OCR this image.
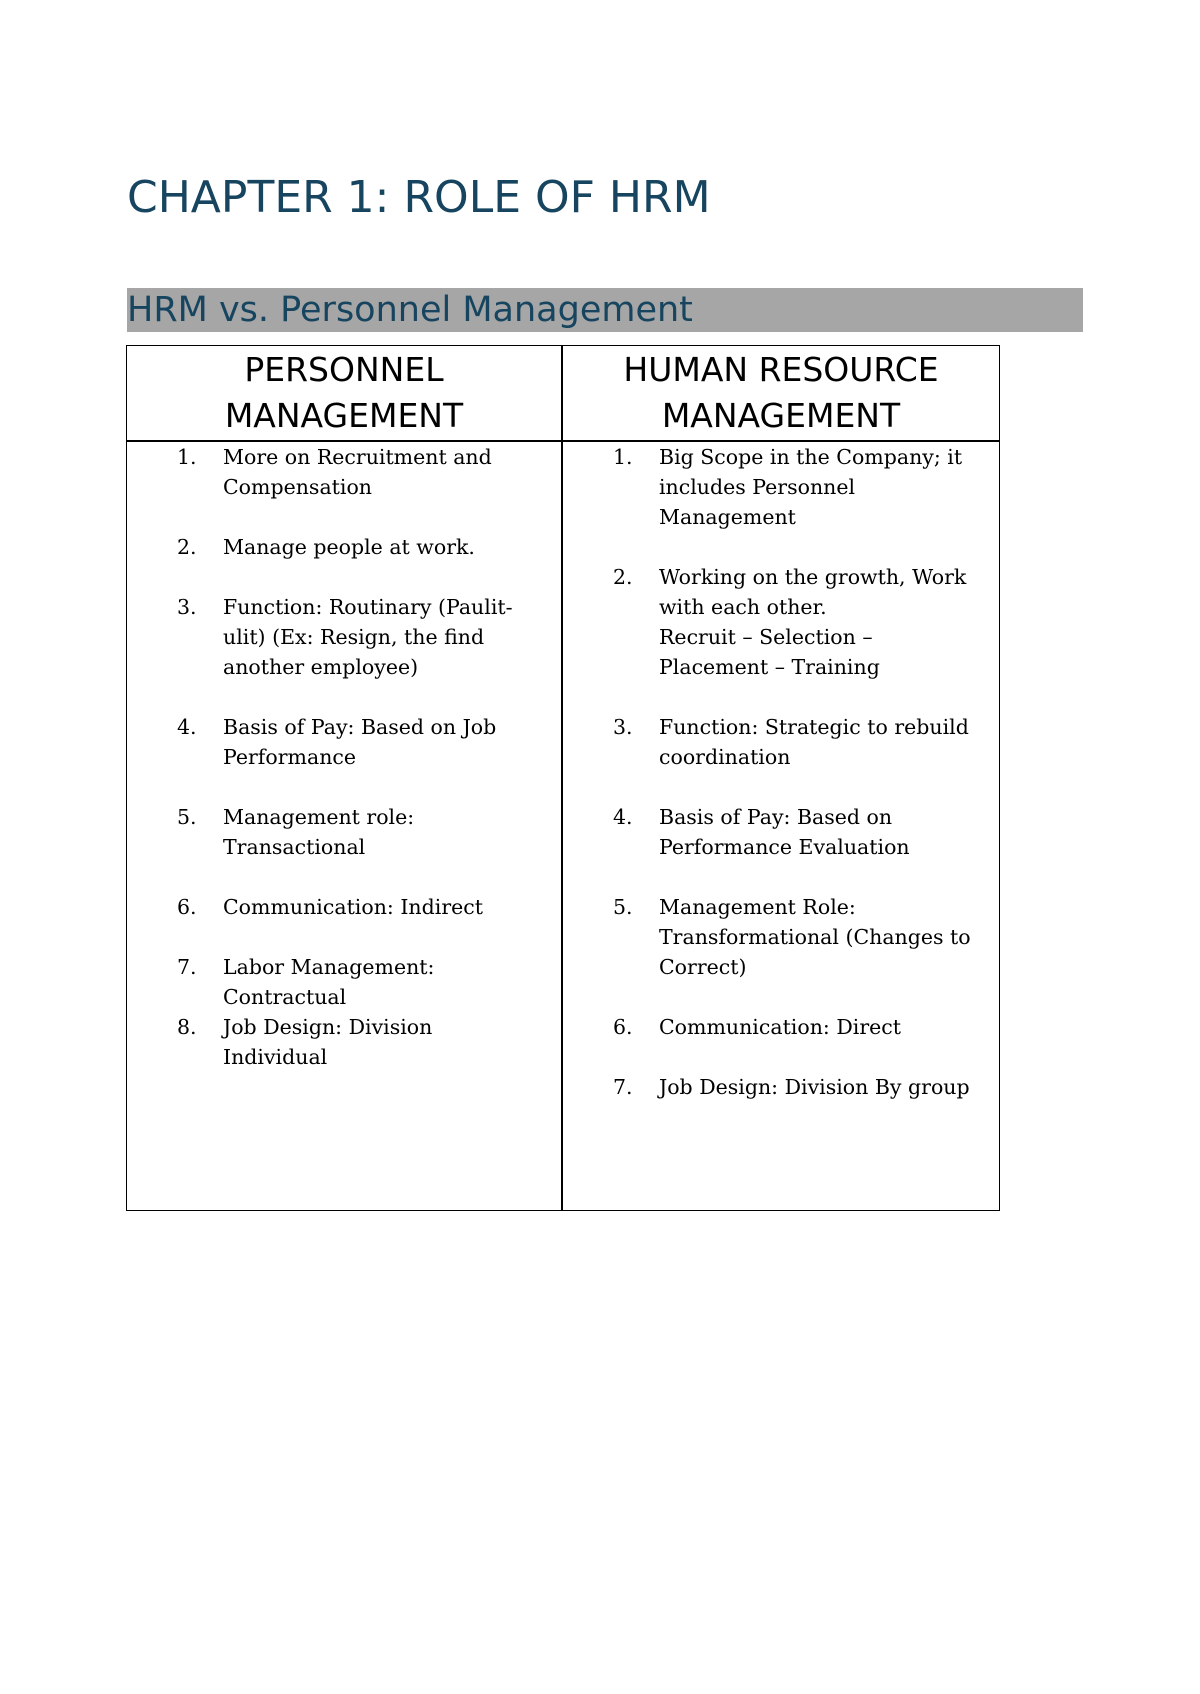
CHAPTER 1: ROLE OF HRM
HRM vs. Personnel Management
PERSONNEL
MANAGEMENT
HUMAN RESOURCE
MANAGEMENT
1. More on Recruitment and
Compensation
2. Manage people at work.
3. Function: Routinary (Paulit-
ulit) (Ex: Resign, the find
another employee)
4. Basis of Pay: Based on Job
Performance
5. Management role:
Transactional
6. Communication: Indirect
7. Labor Management:
Contractual
8. Job Design: Division
Individual
1. Big Scope in the Company; it
includes Personnel
Management
2. Working on the growth, Work
with each other.
Recruit – Selection –
Placement – Training
3. Function: Strategic to rebuild
coordination
4. Basis of Pay: Based on
Performance Evaluation
5. Management Role:
Transformational (Changes to
Correct)
6. Communication: Direct
7. Job Design: Division By group
